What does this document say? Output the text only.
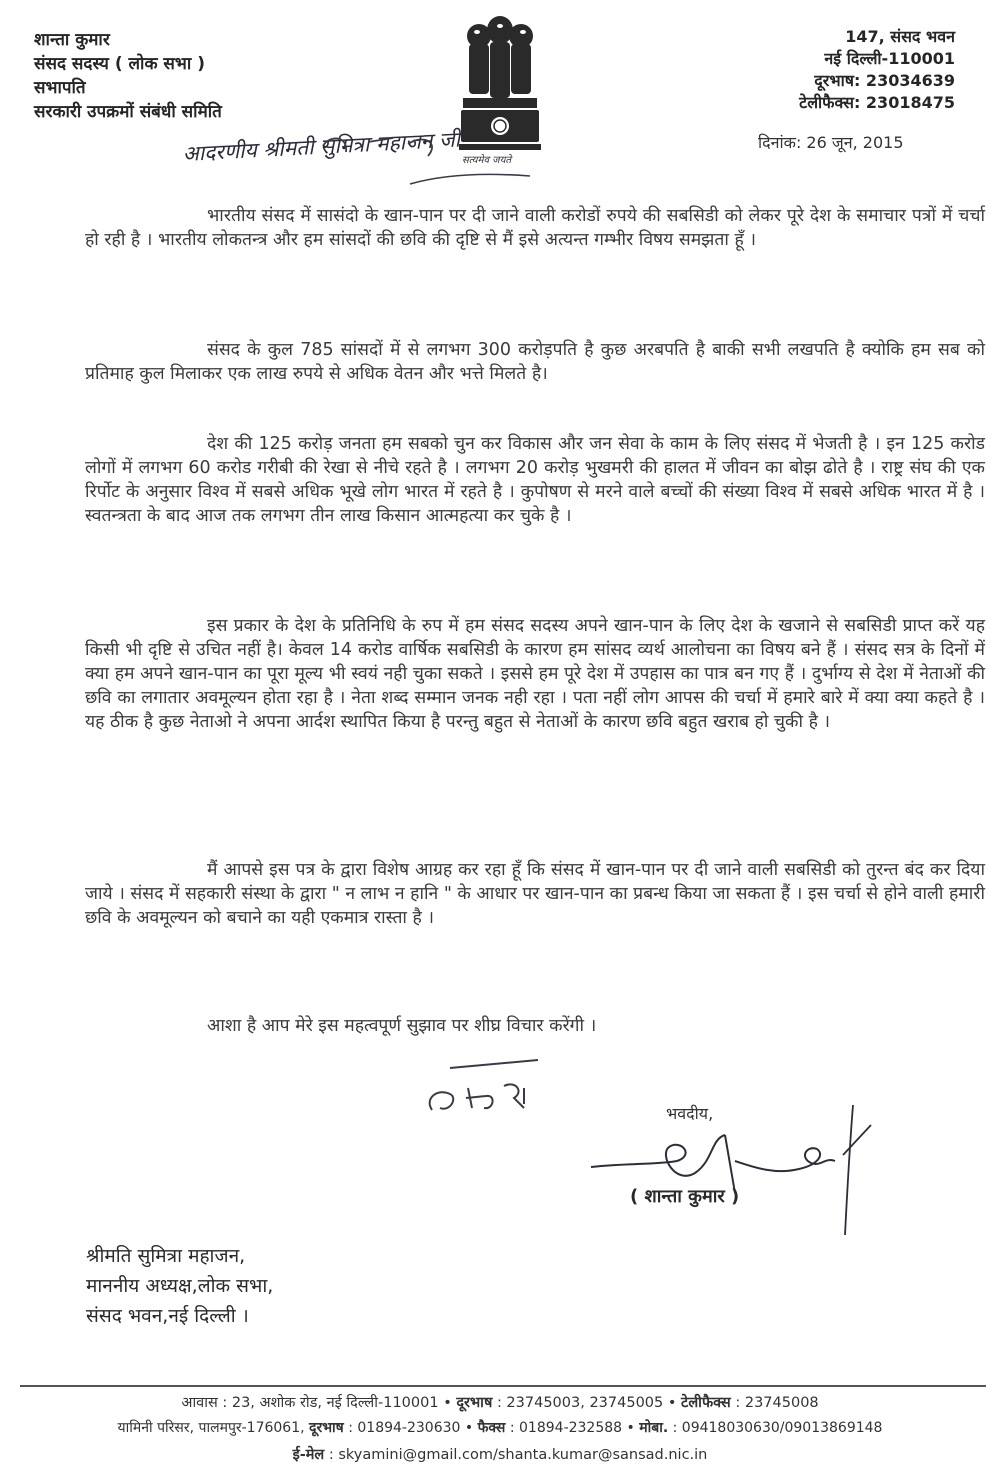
शान्ता कुमार
संसद सदस्य ( लोक सभा )
सभापति
सरकारी उपक्रमों संबंधी समिति
सत्यमेव जयते
147, संसद भवन
नई दिल्ली-110001
दूरभाष: 23034639
टेलीफैक्स: 23018475
दिनांक: 26 जून, 2015
आदरणीय श्रीमती सुमित्रा महाजन जी

भारतीय संसद में सासंदो के खान-पान पर दी जाने वाली करोडों रुपये की सबसिडी को लेकर पूरे देश के समाचार पत्रों में चर्चा हो रही है । भारतीय लोकतन्त्र और हम सांसदों की छवि की दृष्टि से मैं इसे अत्यन्त गम्भीर विषय समझता हूँ ।

संसद के कुल 785 सांसदों में से लगभग 300 करोड़पति है कुछ अरबपति है बाकी सभी लखपति है क्योकि हम सब को प्रतिमाह कुल मिलाकर एक लाख रुपये से अधिक वेतन और भत्ते मिलते है।

देश की 125 करोड़ जनता हम सबको चुन कर विकास और जन सेवा के काम के लिए संसद में भेजती है । इन 125 करोड लोगों में लगभग 60 करोड गरीबी की रेखा से नीचे रहते है । लगभग 20 करोड़ भुखमरी की हालत में जीवन का बोझ ढोते है । राष्ट्र संघ की एक रिर्पोट के अनुसार विश्व में सबसे अधिक भूखे लोग भारत में रहते है । कुपोषण से मरने वाले बच्चों की संख्या विश्व में सबसे अधिक भारत में है । स्वतन्त्रता के बाद आज तक लगभग तीन लाख किसान आत्महत्या कर चुके है ।

इस प्रकार के देश के प्रतिनिधि के रुप में हम संसद सदस्य अपने खान-पान के लिए देश के खजाने से सबसिडी प्राप्त करें यह किसी भी दृष्टि से उचित नहीं है। केवल 14 करोड वार्षिक सबसिडी के कारण हम सांसद व्यर्थ आलोचना का विषय बने हैं । संसद सत्र के दिनों में क्या हम अपने खान-पान का पूरा मूल्य भी स्वयं नही चुका सकते । इससे हम पूरे देश में उपहास का पात्र बन गए हैं । दुर्भाग्य से देश में नेताओं की छवि का लगातार अवमूल्यन होता रहा है । नेता शब्द सम्मान जनक नही रहा । पता नहीं लोग आपस की चर्चा में हमारे बारे में क्या क्या कहते है । यह ठीक है कुछ नेताओ ने अपना आर्दश स्थापित किया है परन्तु बहुत से नेताओं के कारण छवि बहुत खराब हो चुकी है ।

मैं आपसे इस पत्र के द्वारा विशेष आग्रह कर रहा हूँ कि संसद में खान-पान पर दी जाने वाली सबसिडी को तुरन्त बंद कर दिया जाये । संसद में सहकारी संस्था के द्वारा " न लाभ न हानि " के आधार पर खान-पान का प्रबन्ध किया जा सकता हैं । इस चर्चा से होने वाली हमारी छवि के अवमूल्यन को बचाने का यही एकमात्र रास्ता है ।

आशा है आप मेरे इस महत्वपूर्ण सुझाव पर शीघ्र विचार करेंगी ।

सादर
भवदीय,
( शान्ता कुमार )
श्रीमति सुमित्रा महाजन,
माननीय अध्यक्ष,लोक सभा,
संसद भवन,नई दिल्ली ।
आवास : 23, अशोक रोड, नई दिल्ली-110001 • दूरभाष : 23745003, 23745005 • टेलीफैक्स : 23745008
यामिनी परिसर, पालमपुर-176061, दूरभाष : 01894-230630 • फैक्स : 01894-232588 • मोबा. : 09418030630/09013869148
ई-मेल : skyamini@gmail.com/shanta.kumar@sansad.nic.in
